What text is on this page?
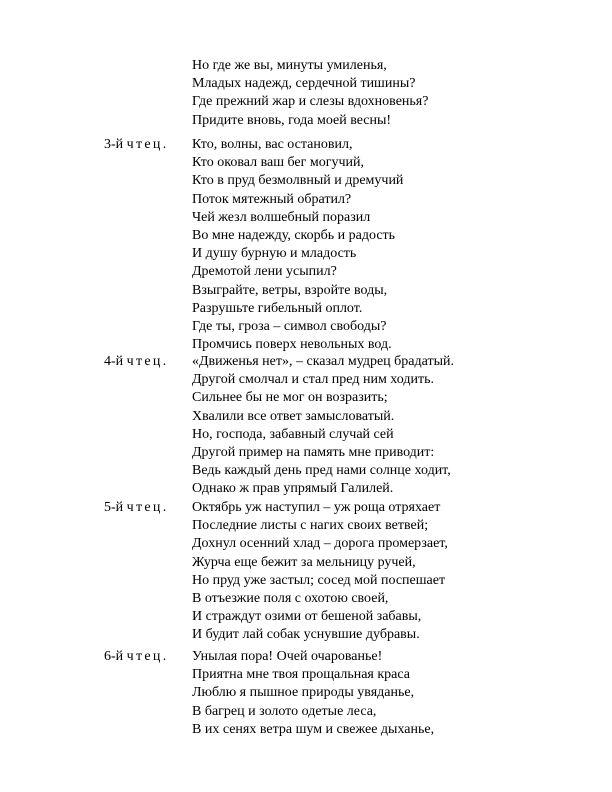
Но где же вы, минуты умиленья,
Младых надежд, сердечной тишины?
Где прежний жар и слезы вдохновенья?
Придите вновь, года моей весны!
3-й чтец. Кто, волны, вас остановил,
Кто оковал ваш бег могучий,
Кто в пруд безмолвный и дремучий
Поток мятежный обратил?
Чей жезл волшебный поразил
Во мне надежду, скорбь и радость
И душу бурную и младость
Дремотой лени усыпил?
Взыграйте, ветры, взройте воды,
Разрушьте гибельный оплот.
Где ты, гроза – символ свободы?
Промчись поверх невольных вод.
4-й чтец. «Движенья нет», – сказал мудрец брадатый.
Другой смолчал и стал пред ним ходить.
Сильнее бы не мог он возразить;
Хвалили все ответ замысловатый.
Но, господа, забавный случай сей
Другой пример на память мне приводит:
Ведь каждый день пред нами солнце ходит,
Однако ж прав упрямый Галилей.
5-й чтец. Октябрь уж наступил – уж роща отряхает
Последние листы с нагих своих ветвей;
Дохнул осенний хлад – дорога промерзает,
Журча еще бежит за мельницу ручей,
Но пруд уже застыл; сосед мой поспешает
В отъезжие поля с охотою своей,
И страждут озими от бешеной забавы,
И будит лай собак уснувшие дубравы.
6-й чтец. Унылая пора! Очей очарованье!
Приятна мне твоя прощальная краса
Люблю я пышное природы увяданье,
В багрец и золото одетые леса,
В их сенях ветра шум и свежее дыханье,
